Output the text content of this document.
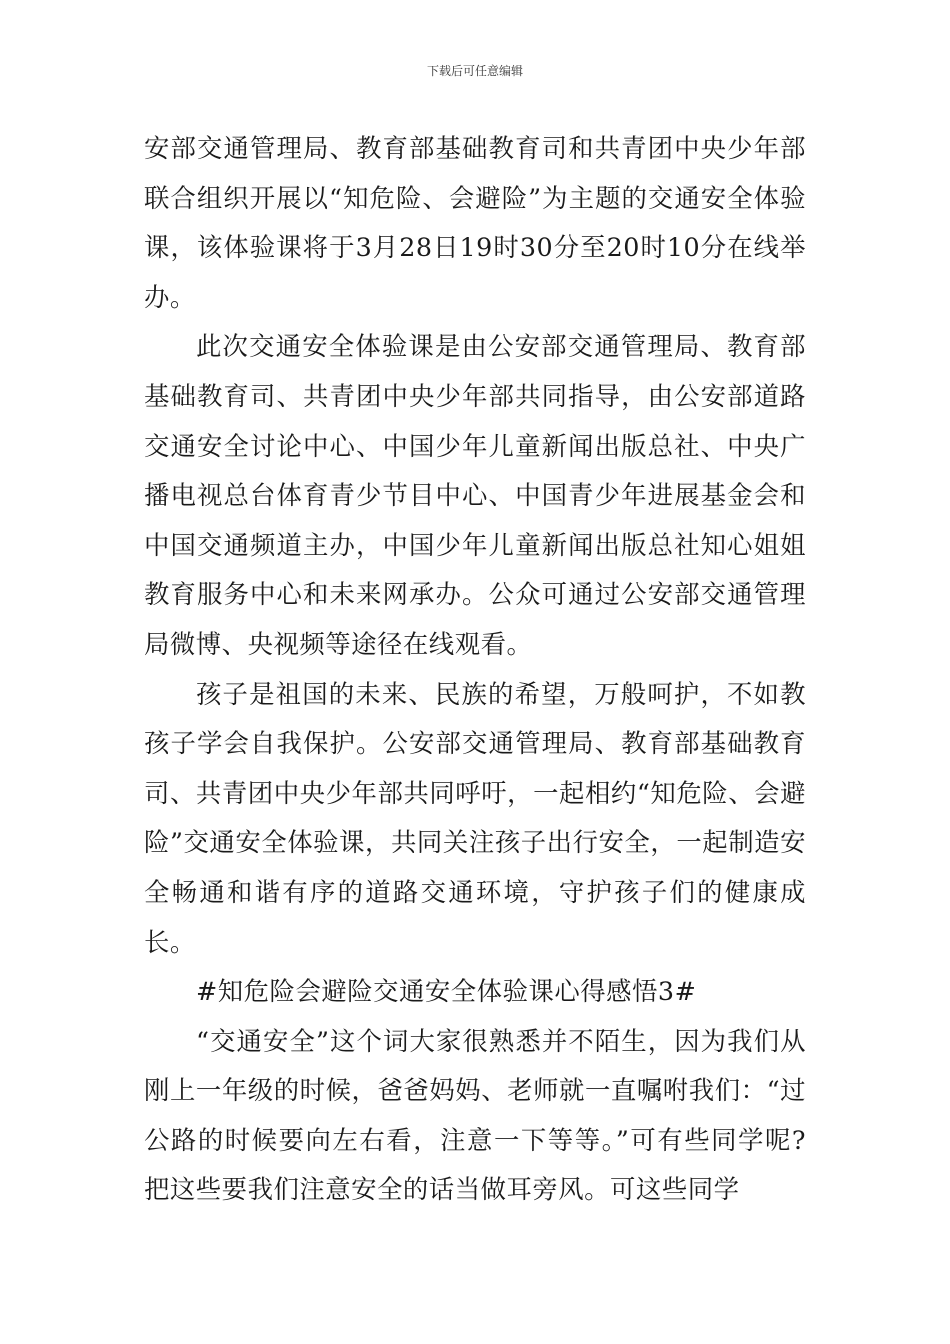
下载后可任意编辑

安部交通管理局、教育部基础教育司和共青团中央少年部联合组织开展以“知危险、会避险”为主题的交通安全体验课，该体验课将于3月28日19时30分至20时10分在线举办。

此次交通安全体验课是由公安部交通管理局、教育部基础教育司、共青团中央少年部共同指导，由公安部道路交通安全讨论中心、中国少年儿童新闻出版总社、中央广播电视总台体育青少节目中心、中国青少年进展基金会和中国交通频道主办，中国少年儿童新闻出版总社知心姐姐教育服务中心和未来网承办。公众可通过公安部交通管理局微博、央视频等途径在线观看。

孩子是祖国的未来、民族的希望，万般呵护，不如教孩子学会自我保护。公安部交通管理局、教育部基础教育司、共青团中央少年部共同呼吁，一起相约“知危险、会避险”交通安全体验课，共同关注孩子出行安全，一起制造安全畅通和谐有序的道路交通环境，守护孩子们的健康成长。

#知危险会避险交通安全体验课心得感悟3#

“交通安全”这个词大家很熟悉并不陌生，因为我们从刚上一年级的时候，爸爸妈妈、老师就一直嘱咐我们：“过公路的时候要向左右看，注意一下等等。”可有些同学呢?把这些要我们注意安全的话当做耳旁风。可这些同学
